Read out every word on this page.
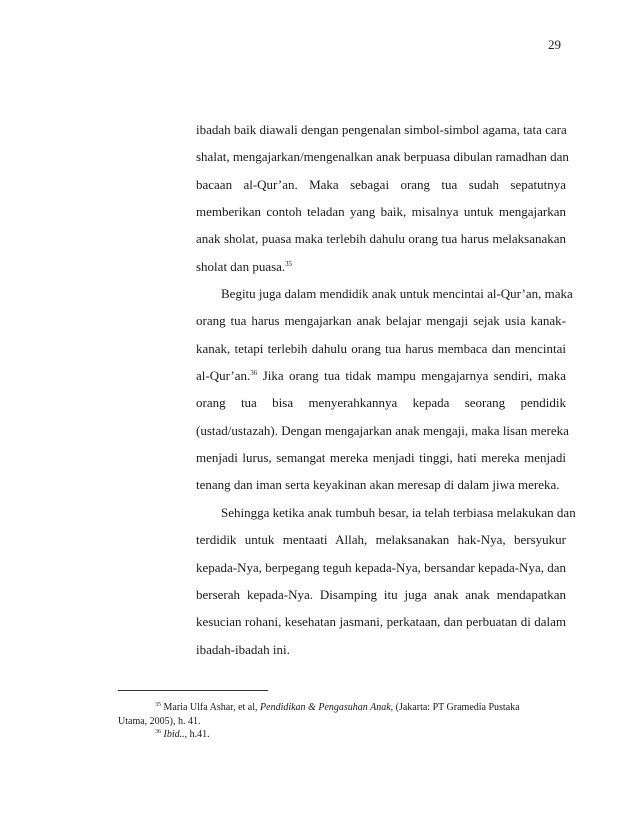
29
ibadah baik diawali dengan pengenalan simbol-simbol agama, tata cara
shalat, mengajarkan/mengenalkan anak berpuasa dibulan ramadhan dan
bacaan al-Qur’an. Maka sebagai orang tua sudah sepatutnya
memberikan contoh teladan yang baik, misalnya untuk mengajarkan
anak sholat, puasa maka terlebih dahulu orang tua harus melaksanakan
sholat dan puasa.$^{35}$
Begitu juga dalam mendidik anak untuk mencintai al-Qur’an, maka
orang tua harus mengajarkan anak belajar mengaji sejak usia kanak-
kanak, tetapi terlebih dahulu orang tua harus membaca dan mencintai
al-Qur’an.$^{36}$ Jika orang tua tidak mampu mengajarnya sendiri, maka
orang tua bisa menyerahkannya kepada seorang pendidik
(ustad/ustazah). Dengan mengajarkan anak mengaji, maka lisan mereka
menjadi lurus, semangat mereka menjadi tinggi, hati mereka menjadi
tenang dan iman serta keyakinan akan meresap di dalam jiwa mereka.
Sehingga ketika anak tumbuh besar, ia telah terbiasa melakukan dan
terdidik untuk mentaati Allah, melaksanakan hak-Nya, bersyukur
kepada-Nya, berpegang teguh kepada-Nya, bersandar kepada-Nya, dan
berserah kepada-Nya. Disamping itu juga anak anak mendapatkan
kesucian rohani, kesehatan jasmani, perkataan, dan perbuatan di dalam
ibadah-ibadah ini.
$^{35}$ Maria Ulfa Ashar, et al, Pendidikan & Pengasuhan Anak, (Jakarta: PT Gramedia Pustaka
Utama, 2005), h. 41.
$^{36}$ Ibid.., h.41.
